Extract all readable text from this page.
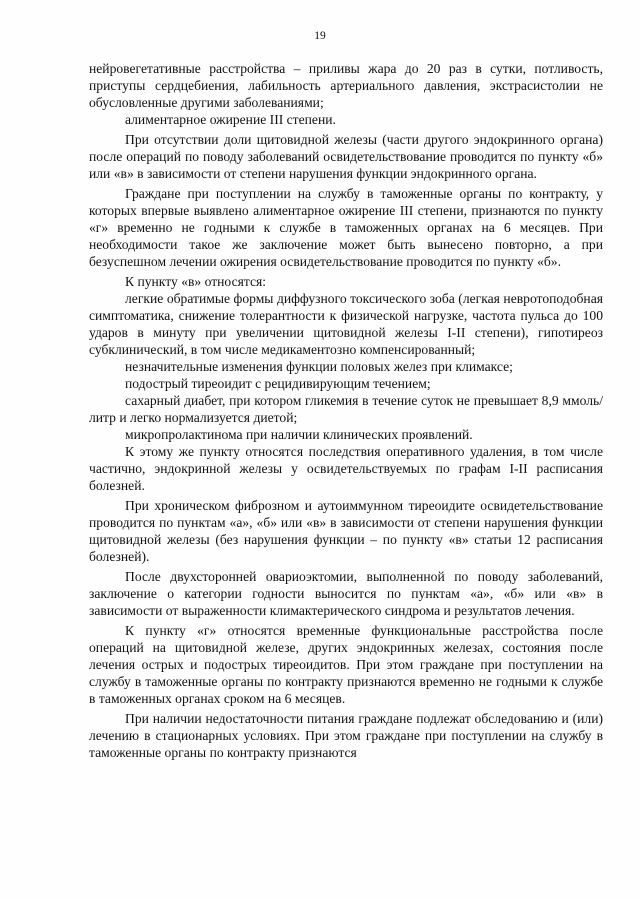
19

нейровегетативные расстройства – приливы жара до 20 раз в сутки, потливость, приступы сердцебиения, лабильность артериального давления, экстрасистолии не обусловленные другими заболеваниями;

алиментарное ожирение III степени.

При отсутствии доли щитовидной железы (части другого эндокринного органа) после операций по поводу заболеваний освидетельствование проводится по пункту «б» или «в» в зависимости от степени нарушения функции эндокринного органа.

Граждане при поступлении на службу в таможенные органы по контракту, у которых впервые выявлено алиментарное ожирение III степени, признаются по пункту «г» временно не годными к службе в таможенных органах на 6 месяцев. При необходимости такое же заключение может быть вынесено повторно, а при безуспешном лечении ожирения освидетельствование проводится по пункту «б».

К пункту «в» относятся:

легкие обратимые формы диффузного токсического зоба (легкая невротоподобная симптоматика, снижение толерантности к физической нагрузке, частота пульса до 100 ударов в минуту при увеличении щитовидной железы I-II степени), гипотиреоз субклинический, в том числе медикаментозно компенсированный;

незначительные изменения функции половых желез при климаксе;

подострый тиреоидит с рецидивирующим течением;

сахарный диабет, при котором гликемия в течение суток не превышает 8,9 ммоль/литр и легко нормализуется диетой;

микропролактинома при наличии клинических проявлений.

К этому же пункту относятся последствия оперативного удаления, в том числе частично, эндокринной железы у освидетельствуемых по графам I-II расписания болезней.

При хроническом фиброзном и аутоиммунном тиреоидите освидетельствование проводится по пунктам «а», «б» или «в» в зависимости от степени нарушения функции щитовидной железы (без нарушения функции – по пункту «в» статьи 12 расписания болезней).

После двухсторонней овариоэктомии, выполненной по поводу заболеваний, заключение о категории годности выносится по пунктам «а», «б» или «в» в зависимости от выраженности климактерического синдрома и результатов лечения.

К пункту «г» относятся временные функциональные расстройства после операций на щитовидной железе, других эндокринных железах, состояния после лечения острых и подострых тиреоидитов. При этом граждане при поступлении на службу в таможенные органы по контракту признаются временно не годными к службе в таможенных органах сроком на 6 месяцев.

При наличии недостаточности питания граждане подлежат обследованию и (или) лечению в стационарных условиях. При этом граждане при поступлении на службу в таможенные органы по контракту признаются
